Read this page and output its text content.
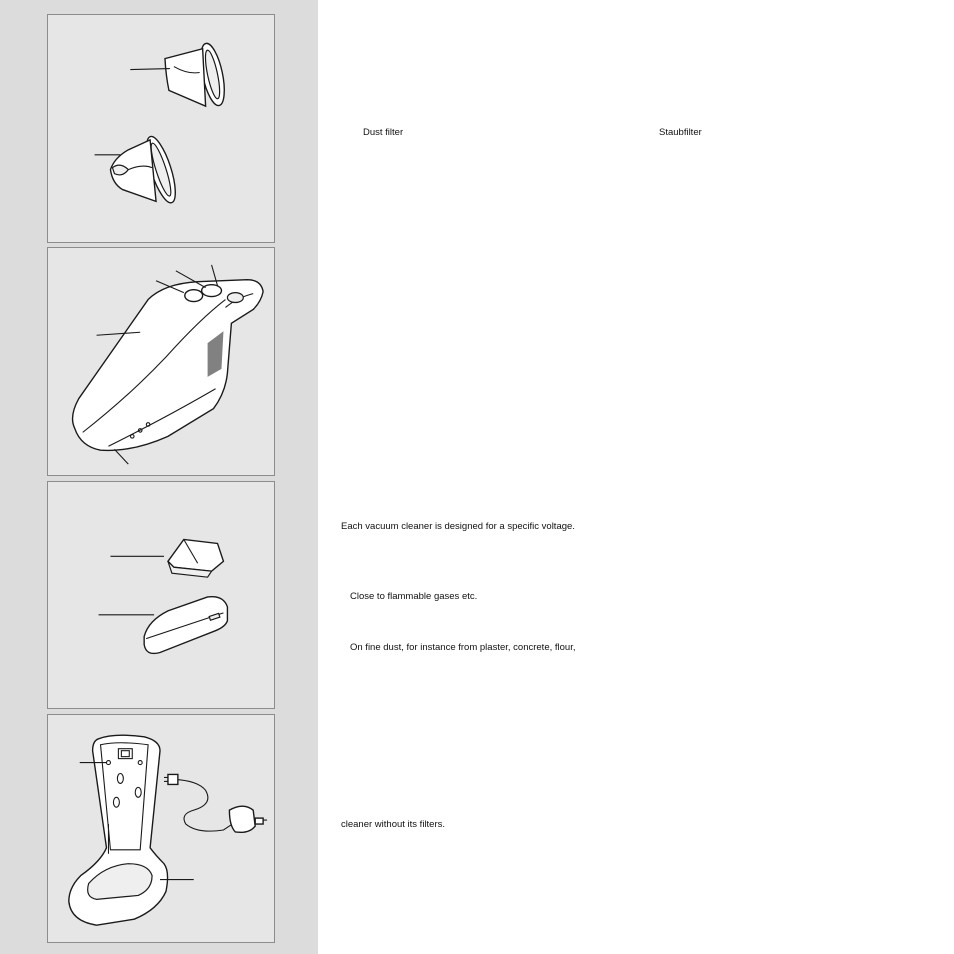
Dust filter	Staubfilter
Each vacuum cleaner is designed for a specific voltage.
Close to flammable gases etc.
On fine dust, for instance from plaster, concrete, flour,
cleaner without its filters.
